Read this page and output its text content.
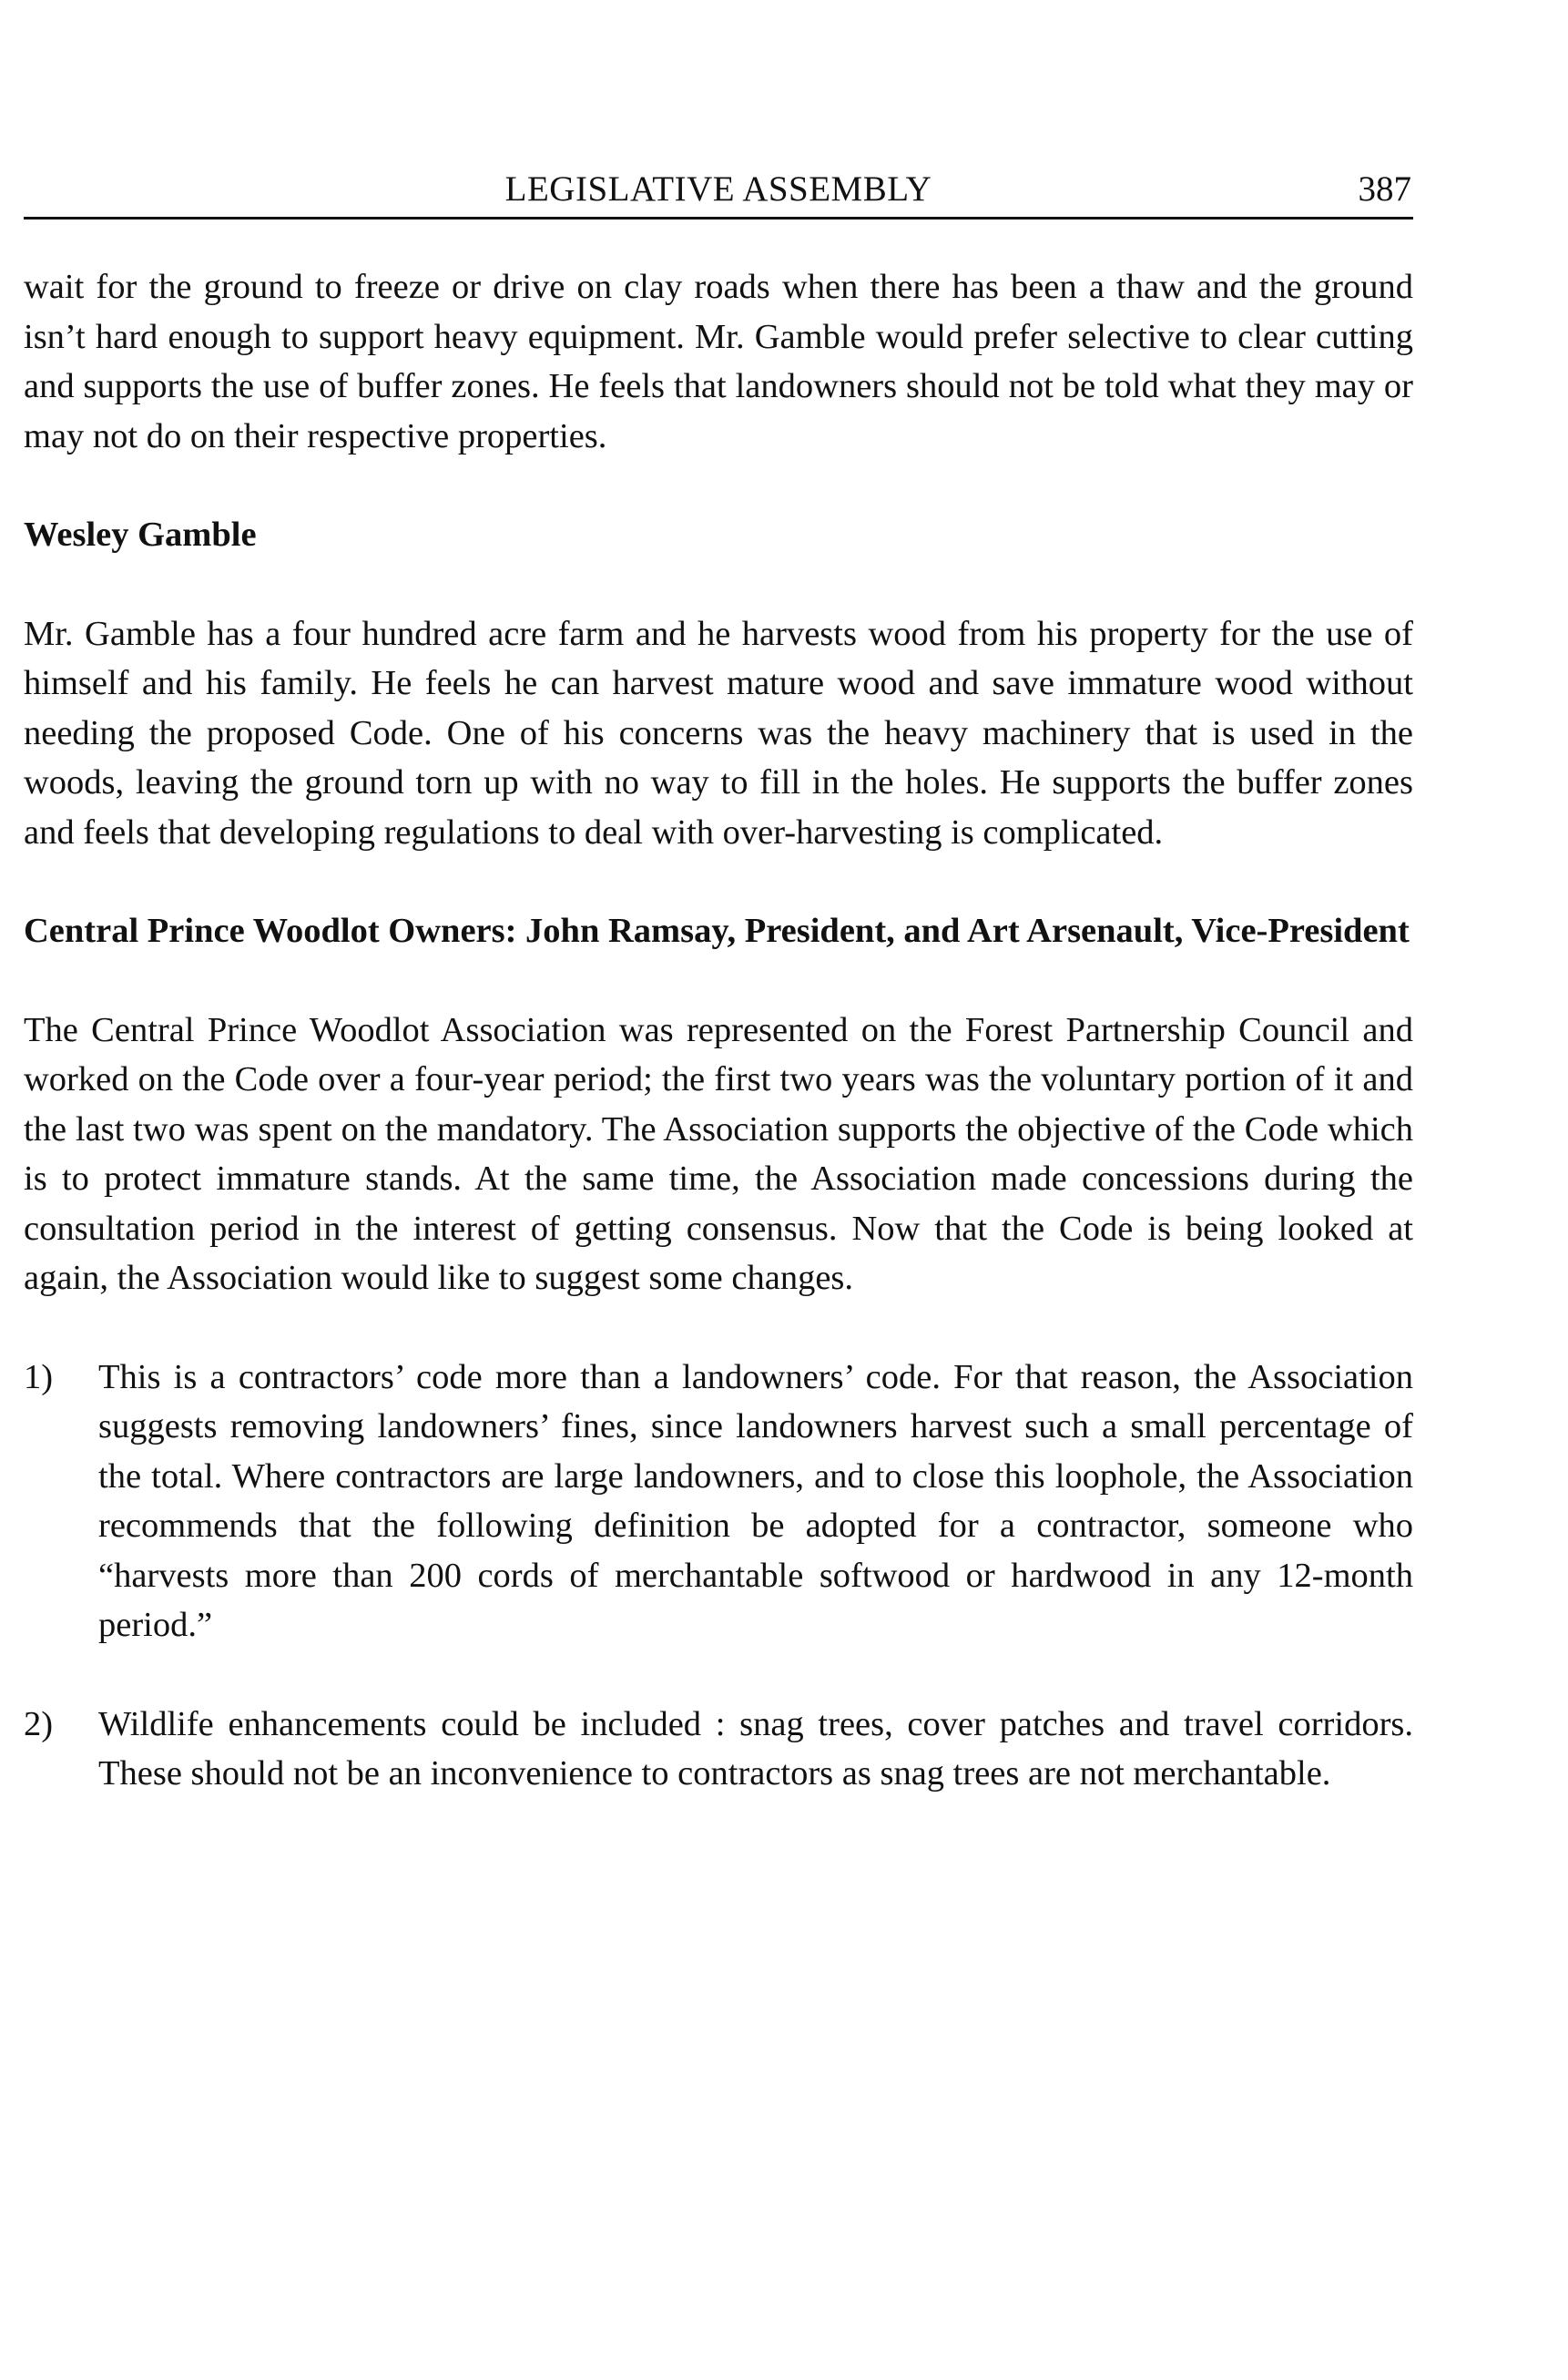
LEGISLATIVE ASSEMBLY	387

wait for the ground to freeze or drive on clay roads when there has been a thaw and the ground isn’t hard enough to support heavy equipment. Mr. Gamble would prefer selective to clear cutting and supports the use of buffer zones. He feels that landowners should not be told what they may or may not do on their respective properties.

Wesley Gamble

Mr. Gamble has a four hundred acre farm and he harvests wood from his property for the use of himself and his family. He feels he can harvest mature wood and save immature wood without needing the proposed Code. One of his concerns was the heavy machinery that is used in the woods, leaving the ground torn up with no way to fill in the holes. He supports the buffer zones and feels that developing regulations to deal with over-harvesting is complicated.

Central Prince Woodlot Owners: John Ramsay, President, and Art Arsenault, Vice-President

The Central Prince Woodlot Association was represented on the Forest Partnership Council and worked on the Code over a four-year period; the first two years was the voluntary portion of it and the last two was spent on the mandatory. The Association supports the objective of the Code which is to protect immature stands. At the same time, the Association made concessions during the consultation period in the interest of getting consensus. Now that the Code is being looked at again, the Association would like to suggest some changes.

1)	This is a contractors’ code more than a landowners’ code. For that reason, the Association suggests removing landowners’ fines, since landowners harvest such a small percentage of the total. Where contractors are large landowners, and to close this loophole, the Association recommends that the following definition be adopted for a contractor, someone who “harvests more than 200 cords of merchantable softwood or hardwood in any 12-month period.”
2)	Wildlife enhancements could be included : snag trees, cover patches and travel corridors. These should not be an inconvenience to contractors as snag trees are not merchantable.
